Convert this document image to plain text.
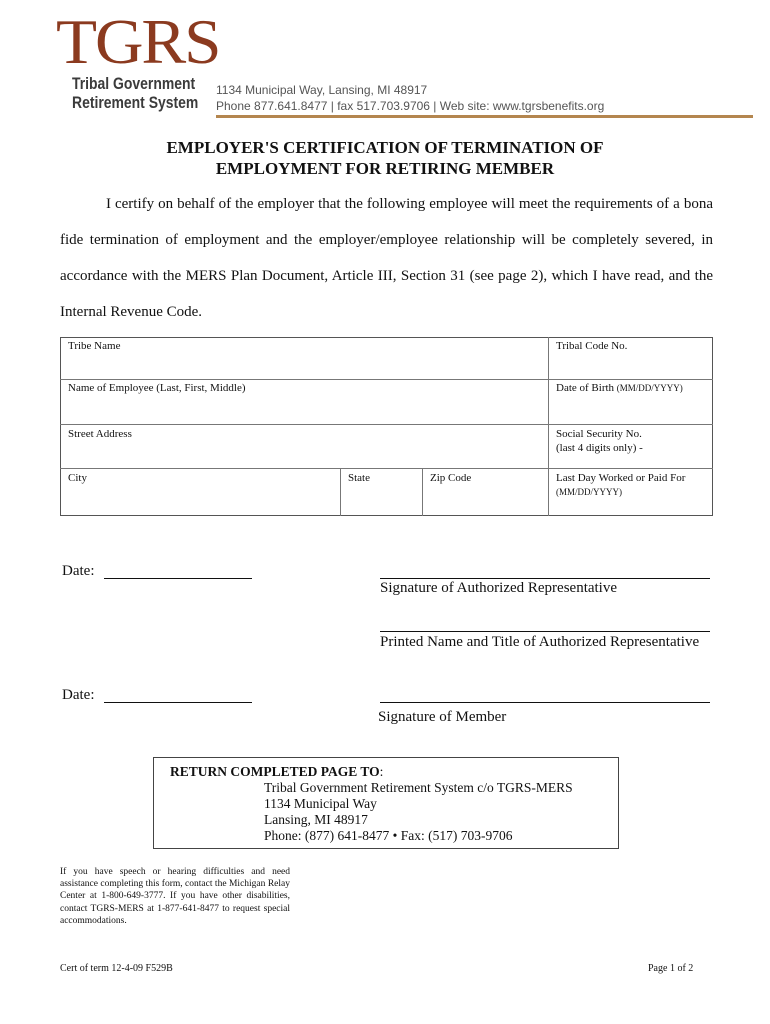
TGRS
Tribal Government
Retirement System
1134 Municipal Way, Lansing, MI 48917
Phone 877.641.8477 | fax 517.703.9706 | Web site: www.tgrsbenefits.org
EMPLOYER'S CERTIFICATION OF TERMINATION OF
EMPLOYMENT FOR RETIRING MEMBER

I certify on behalf of the employer that the following employee will meet the requirements of a bona fide termination of employment and the employer/employee relationship will be completely severed, in accordance with the MERS Plan Document, Article III, Section 31 (see page 2), which I have read, and the Internal Revenue Code.

Tribe Name	Tribal Code No.
Name of Employee (Last, First, Middle)	Date of Birth (MM/DD/YYYY)
Street Address	Social Security No.
(last 4 digits only) -
City	State	Zip Code	Last Day Worked or Paid For
(MM/DD/YYYY)
Date:
Signature of Authorized Representative
Printed Name and Title of Authorized Representative
Date:
Signature of Member
RETURN COMPLETED PAGE TO:
Tribal Government Retirement System c/o TGRS-MERS
1134 Municipal Way
Lansing, MI 48917
Phone: (877) 641-8477 • Fax: (517) 703-9706
If you have speech or hearing difficulties and need assistance completing this form, contact the Michigan Relay Center at 1-800-649-3777. If you have other disabilities, contact TGRS-MERS at 1-877-641-8477 to request special accommodations.
Cert of term 12-4-09 F529B	Page 1 of 2
